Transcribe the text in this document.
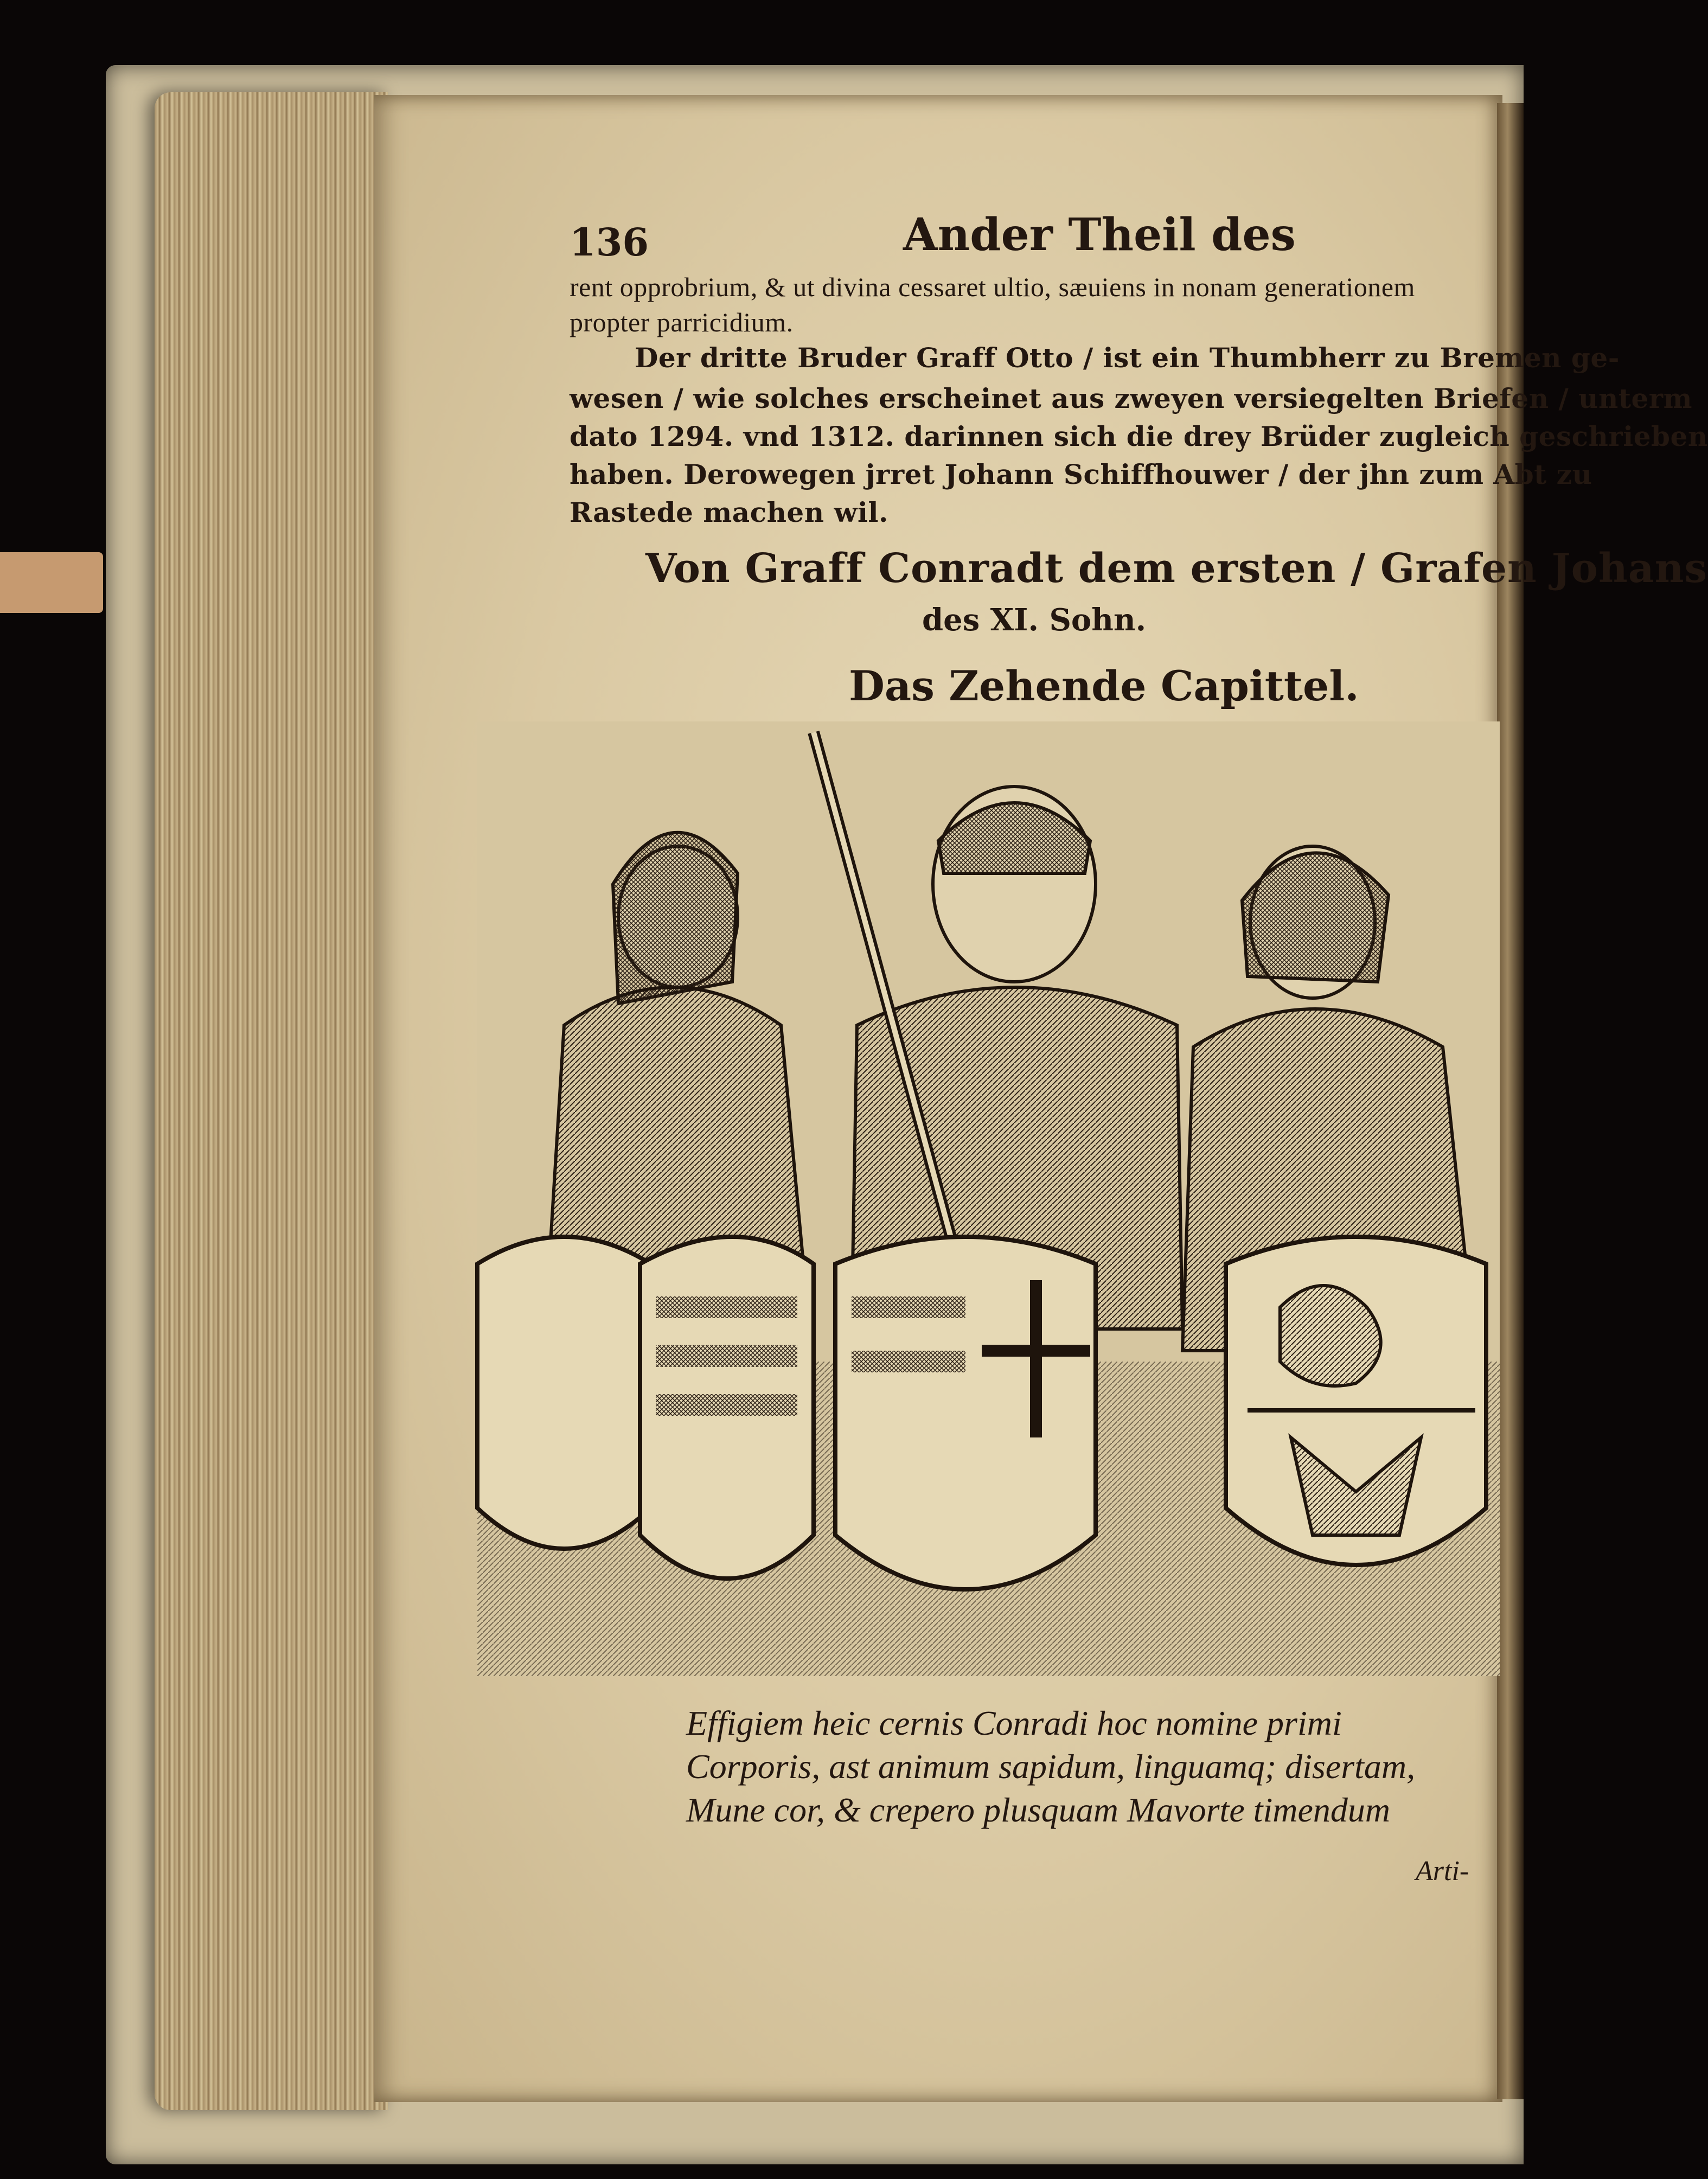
136	Ander Theil des
rent opprobrium, & ut divina cessaret ultio, sæuiens in nonam generationem
propter parricidium.
Der dritte Bruder Graff Otto / ist ein Thumbherr zu Bremen ge-
wesen / wie solches erscheinet aus zweyen versiegelten Briefen / unterm
dato 1294. vnd 1312. darinnen sich die drey Brüder zugleich geschrieben
haben. Derowegen jrret Johann Schiffhouwer / der jhn zum Abt zu
Rastede machen wil.
Von Graff Conradt dem ersten / Grafen Johans
des XI. Sohn.
Das Zehende Capittel.
Effigiem heic cernis Conradi hoc nomine primi
Corporis, ast animum sapidum, linguamq; disertam,
Mune cor, & crepero plusquam Mavorte timendum
Arti-
